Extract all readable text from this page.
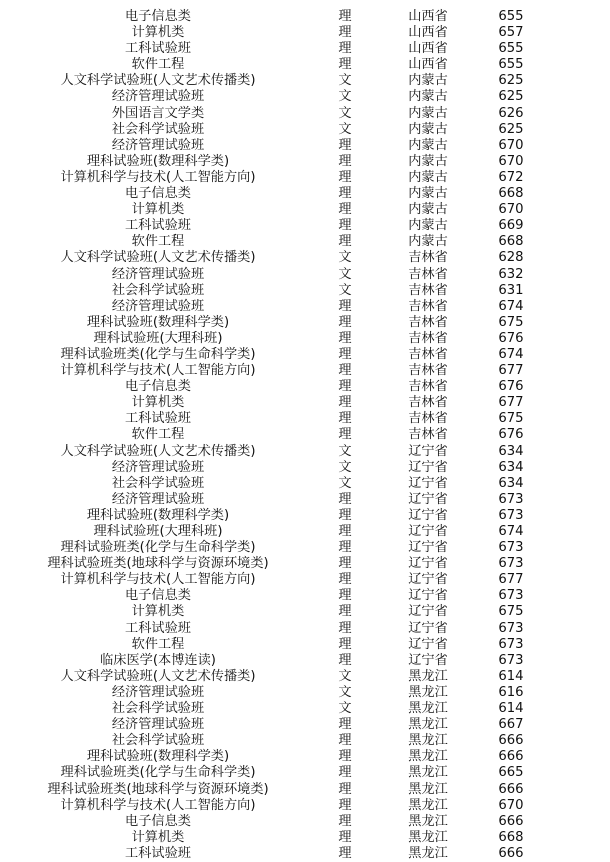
电子信息类	理	山西省	655
计算机类	理	山西省	657
工科试验班	理	山西省	655
软件工程	理	山西省	655
人文科学试验班(人文艺术传播类)	文	内蒙古	625
经济管理试验班	文	内蒙古	625
外国语言文学类	文	内蒙古	626
社会科学试验班	文	内蒙古	625
经济管理试验班	理	内蒙古	670
理科试验班(数理科学类)	理	内蒙古	670
计算机科学与技术(人工智能方向)	理	内蒙古	672
电子信息类	理	内蒙古	668
计算机类	理	内蒙古	670
工科试验班	理	内蒙古	669
软件工程	理	内蒙古	668
人文科学试验班(人文艺术传播类)	文	吉林省	628
经济管理试验班	文	吉林省	632
社会科学试验班	文	吉林省	631
经济管理试验班	理	吉林省	674
理科试验班(数理科学类)	理	吉林省	675
理科试验班(大理科班)	理	吉林省	676
理科试验班类(化学与生命科学类)	理	吉林省	674
计算机科学与技术(人工智能方向)	理	吉林省	677
电子信息类	理	吉林省	676
计算机类	理	吉林省	677
工科试验班	理	吉林省	675
软件工程	理	吉林省	676
人文科学试验班(人文艺术传播类)	文	辽宁省	634
经济管理试验班	文	辽宁省	634
社会科学试验班	文	辽宁省	634
经济管理试验班	理	辽宁省	673
理科试验班(数理科学类)	理	辽宁省	673
理科试验班(大理科班)	理	辽宁省	674
理科试验班类(化学与生命科学类)	理	辽宁省	673
理科试验班类(地球科学与资源环境类)	理	辽宁省	673
计算机科学与技术(人工智能方向)	理	辽宁省	677
电子信息类	理	辽宁省	673
计算机类	理	辽宁省	675
工科试验班	理	辽宁省	673
软件工程	理	辽宁省	673
临床医学(本博连读)	理	辽宁省	673
人文科学试验班(人文艺术传播类)	文	黑龙江	614
经济管理试验班	文	黑龙江	616
社会科学试验班	文	黑龙江	614
经济管理试验班	理	黑龙江	667
社会科学试验班	理	黑龙江	666
理科试验班(数理科学类)	理	黑龙江	666
理科试验班类(化学与生命科学类)	理	黑龙江	665
理科试验班类(地球科学与资源环境类)	理	黑龙江	666
计算机科学与技术(人工智能方向)	理	黑龙江	670
电子信息类	理	黑龙江	666
计算机类	理	黑龙江	668
工科试验班	理	黑龙江	666
